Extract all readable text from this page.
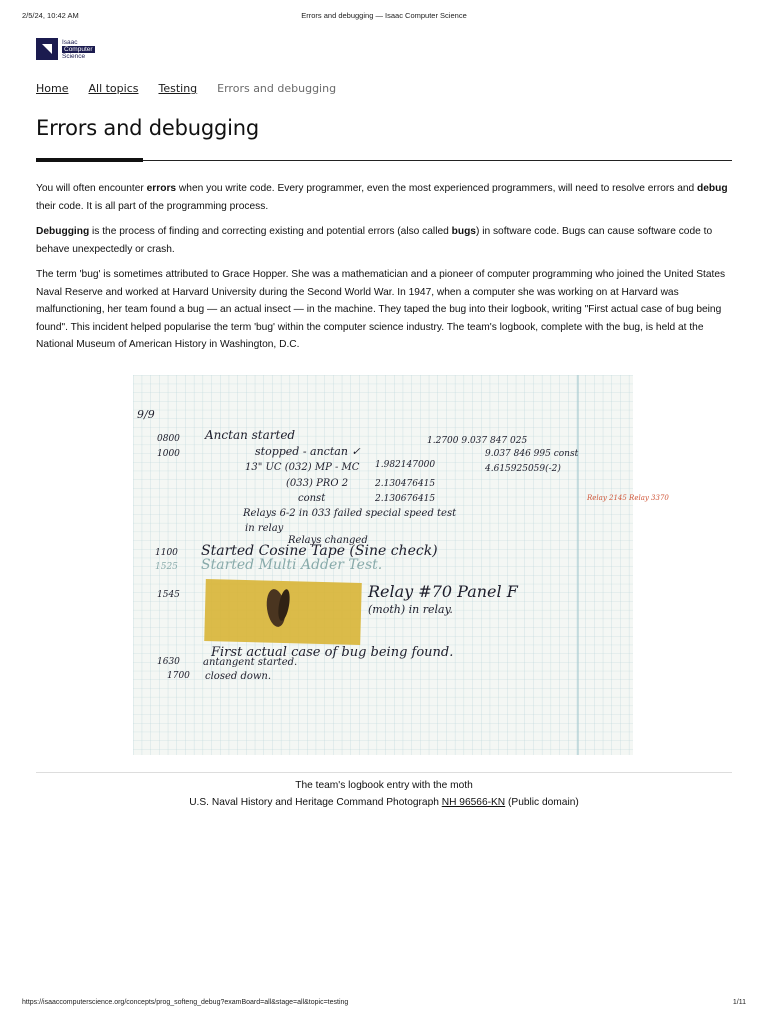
2/5/24, 10:42 AM	Errors and debugging — Isaac Computer Science
Isaac
Computer
Science
Home All topics Testing Errors and debugging
Errors and debugging

You will often encounter errors when you write code. Every programmer, even the most experienced programmers, will need to resolve errors and debug their code. It is all part of the programming process.

Debugging is the process of finding and correcting existing and potential errors (also called bugs) in software code. Bugs can cause software code to behave unexpectedly or crash.

The term 'bug' is sometimes attributed to Grace Hopper. She was a mathematician and a pioneer of computer programming who joined the United States Naval Reserve and worked at Harvard University during the Second World War. In 1947, when a computer she was working on at Harvard was malfunctioning, her team found a bug — an actual insect — in the machine. They taped the bug into their logbook, writing "First actual case of bug being found". This incident helped popularise the term 'bug' within the computer science industry. The team's logbook, complete with the bug, is held at the National Museum of American History in Washington, D.C.

9/9
0800 Anctan started
1000	stopped - anctan ✓
13" UC (032) MP - MC
(033) PRO 2
const
Relays 6-2 in 033 failed special speed test
in relay
Relays changed
1100 Started Cosine Tape (Sine check)
1525 Started Multi Adder Test.
1545	Relay #70 Panel F
(moth) in relay.
First actual case of bug being found.
1630 antangent started.
1700 closed down.
1.2700 9.037 847 025
9.037 846 995 const
1.982147000	4.615925059(-2)
2.130476415
2.130676415	Relay 2145 Relay 3370
The team's logbook entry with the moth
U.S. Naval History and Heritage Command Photograph NH 96566-KN (Public domain)
https://isaaccomputerscience.org/concepts/prog_softeng_debug?examBoard=all&stage=all&topic=testing	1/11
